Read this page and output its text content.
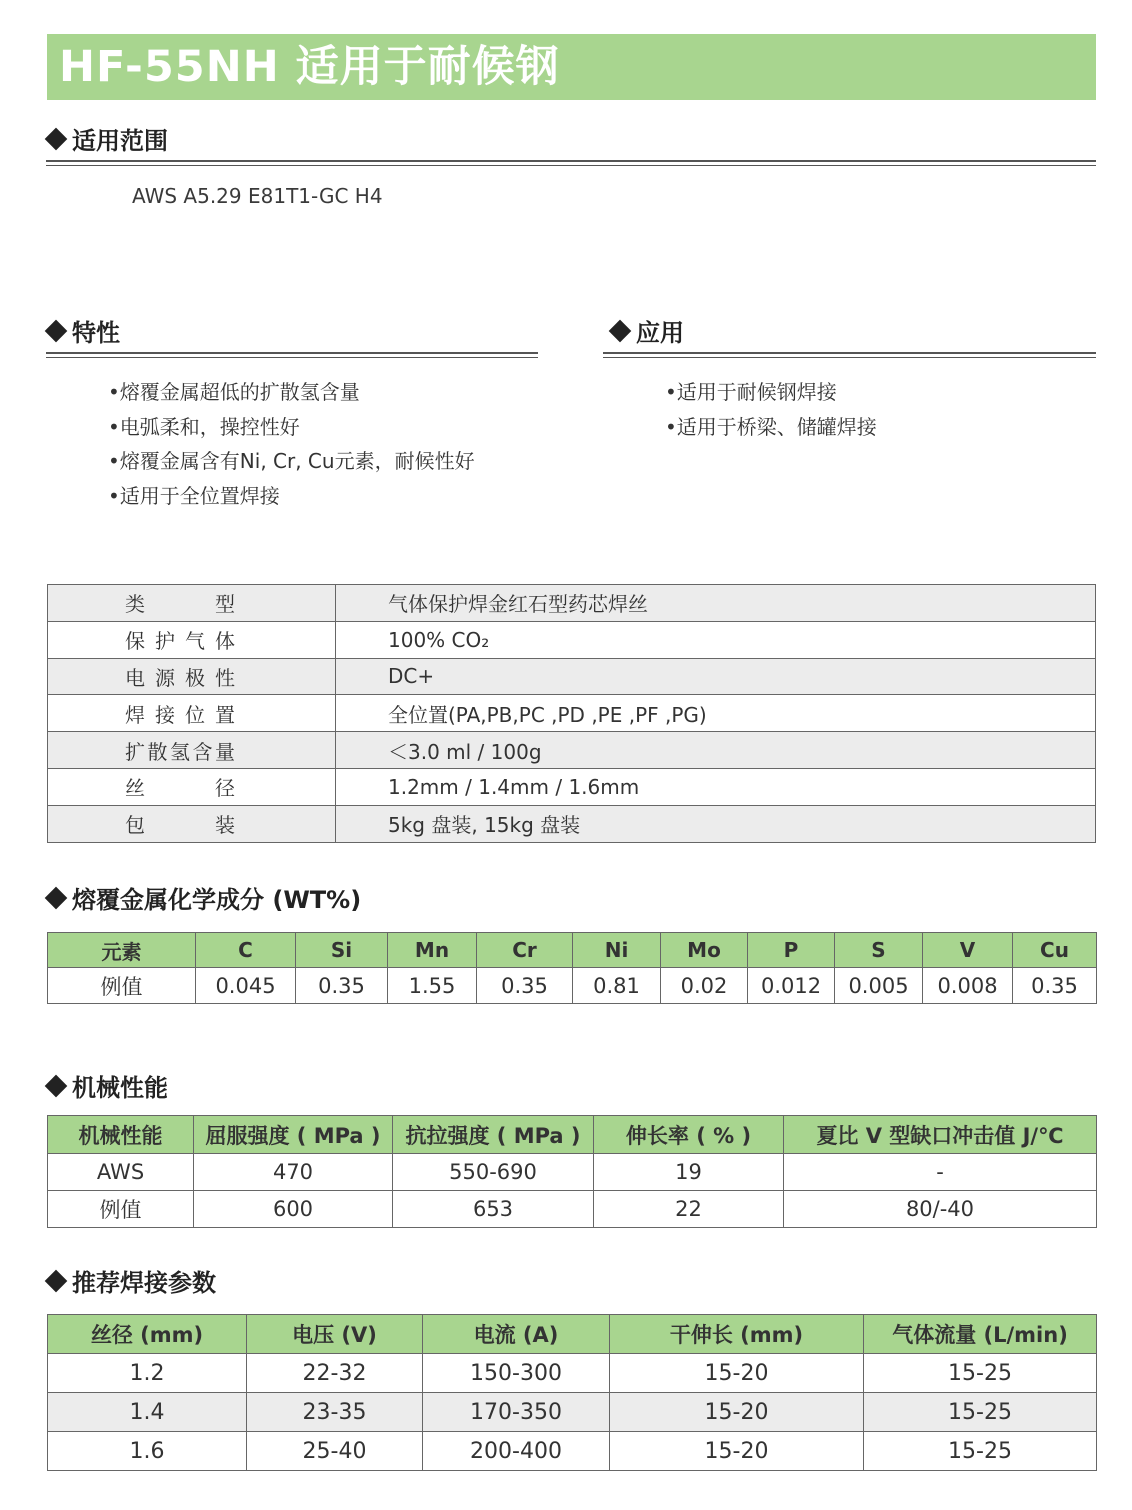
HF-55NH 适用于耐候钢
适用范围
AWS A5.29 E81T1-GC H4
特性
• 熔覆金属超低的扩散氢含量
• 电弧柔和，操控性好
• 熔覆金属含有Ni, Cr, Cu元素，耐候性好
• 适用于全位置焊接
应用
• 适用于耐候钢焊接
• 适用于桥梁、储罐焊接
类型	气体保护焊金红石型药芯焊丝

保护气体	100% CO₂

电源极性	DC+

焊接位置	全位置(PA,PB,PC ,PD ,PE ,PF ,PG)

扩散氢含量	＜3.0 ml / 100g

丝径	1.2mm / 1.4mm / 1.6mm

包装	5kg 盘装, 15kg 盘装
熔覆金属化学成分 (WT%)
元素	C	Si	Mn	Cr	Ni	Mo	P	S	V	Cu
例值	0.045	0.35	1.55	0.35	0.81	0.02	0.012	0.005	0.008	0.35
机械性能
机械性能	屈服强度 ( MPa )	抗拉强度 ( MPa )	伸长率 ( % )	夏比 V 型缺口冲击值 J/℃
AWS	470	550-690	19	-
例值	600	653	22	80/-40
推荐焊接参数
丝径 (mm)	电压 (V)	电流 (A)	干伸长 (mm)	气体流量 (L/min)
1.2	22-32	150-300	15-20	15-25
1.4	23-35	170-350	15-20	15-25
1.6	25-40	200-400	15-20	15-25
